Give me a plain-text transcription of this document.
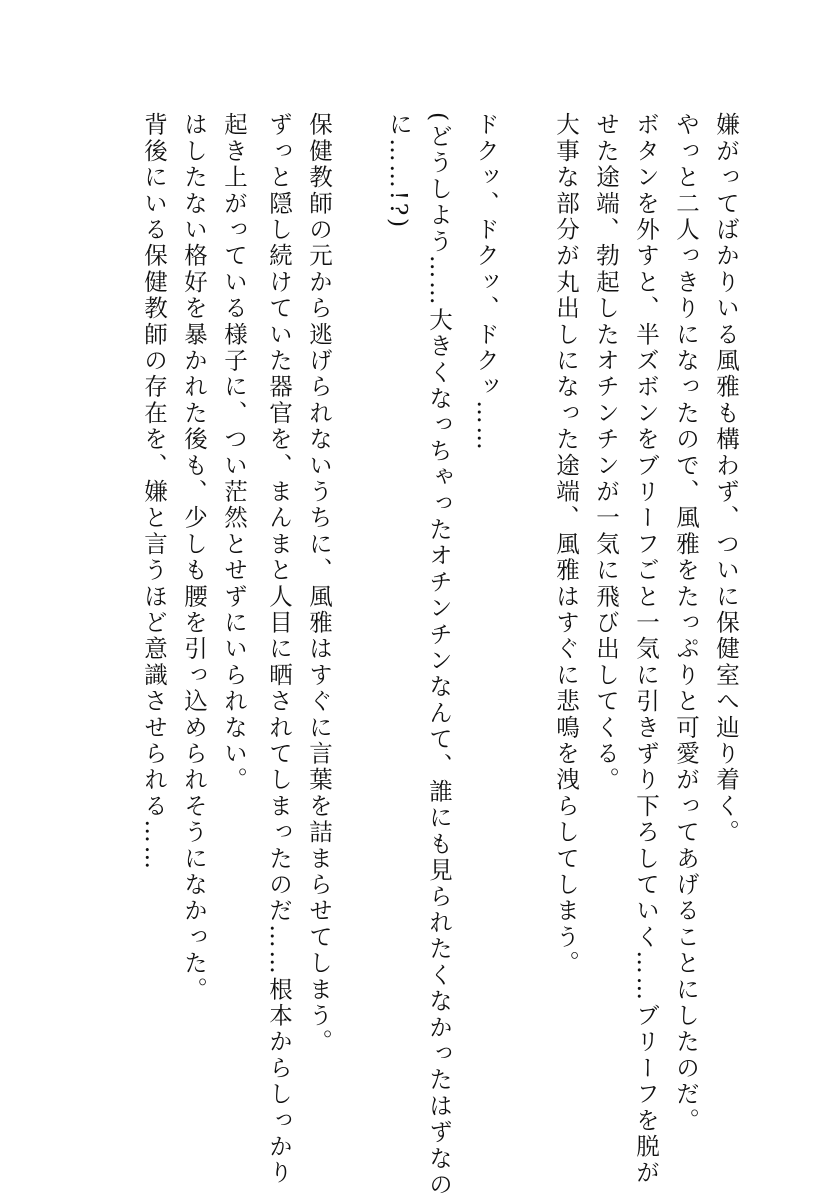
嫌がってばかりいる風雅も構わず、ついに保健室へ辿り着く。
やっと二人っきりになったので、風雅をたっぷりと可愛がってあげることにしたのだ。
ボタンを外すと、半ズボンをブリーフごと一気に引きずり下ろしていく……ブリーフを脱が
せた途端、勃起したオチンチンが一気に飛び出してくる。
大事な部分が丸出しになった途端、風雅はすぐに悲鳴を洩らしてしまう。
ドクッ、ドクッ、ドクッ……
(どうしよう……大きくなっちゃったオチンチンなんて、誰にも見られたくなかったはずなの
に……!?)
保健教師の元から逃げられないうちに、風雅はすぐに言葉を詰まらせてしまう。
ずっと隠し続けていた器官を、まんまと人目に晒されてしまったのだ……根本からしっかり
起き上がっている様子に、つい茫然とせずにいられない。
はしたない格好を暴かれた後も、少しも腰を引っ込められそうになかった。
背後にいる保健教師の存在を、嫌と言うほど意識させられる……
